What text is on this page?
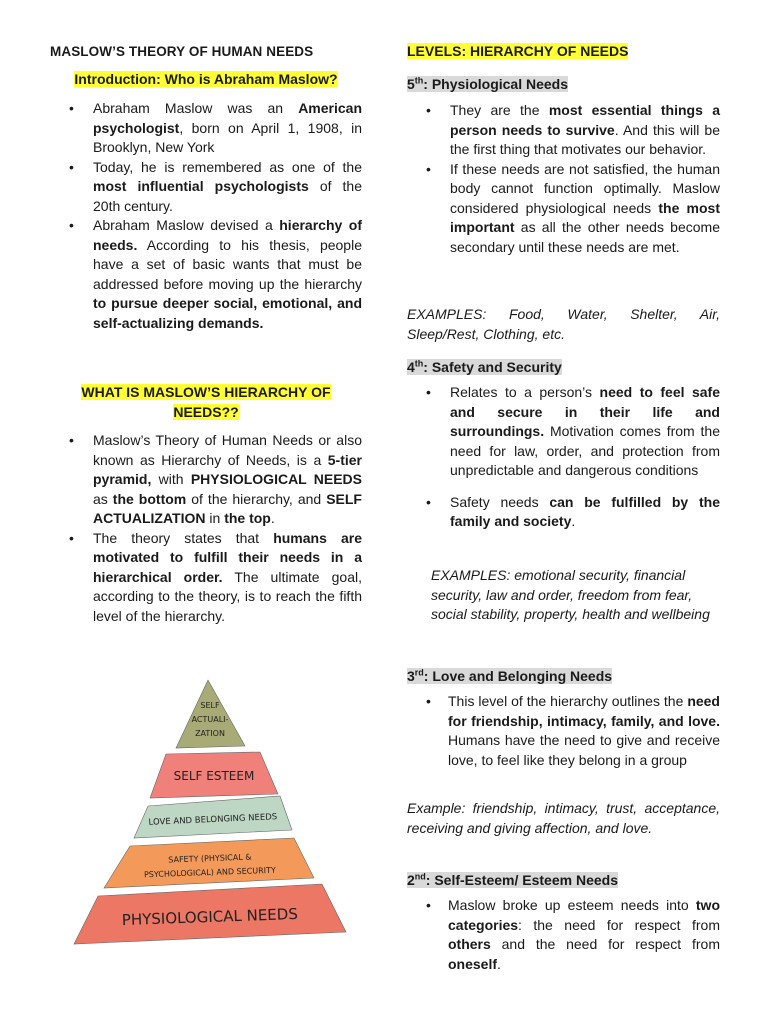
MASLOW’S THEORY OF HUMAN NEEDS
Introduction: Who is Abraham Maslow?
• Abraham Maslow was an American psychologist, born on April 1, 1908, in Brooklyn, New York
• Today, he is remembered as one of the most influential psychologists of the 20th century.
• Abraham Maslow devised a hierarchy of needs. According to his thesis, people have a set of basic wants that must be addressed before moving up the hierarchy to pursue deeper social, emotional, and self-actualizing demands.
WHAT IS MASLOW’S HIERARCHY OF NEEDS??
• Maslow’s Theory of Human Needs or also known as Hierarchy of Needs, is a 5-tier pyramid, with PHYSIOLOGICAL NEEDS as the bottom of the hierarchy, and SELF ACTUALIZATION in the top.
• The theory states that humans are motivated to fulfill their needs in a hierarchical order. The ultimate goal, according to the theory, is to reach the fifth level of the hierarchy.
SELF
ACTUALI-
ZATION
SELF ESTEEM
LOVE AND BELONGING NEEDS
SAFETY (PHYSICAL &
PSYCHOLOGICAL) AND SECURITY
PHYSIOLOGICAL NEEDS
LEVELS: HIERARCHY OF NEEDS
5th: Physiological Needs
• They are the most essential things a person needs to survive. And this will be the first thing that motivates our behavior.
• If these needs are not satisfied, the human body cannot function optimally. Maslow considered physiological needs the most important as all the other needs become secondary until these needs are met.
EXAMPLES: Food, Water, Shelter, Air, Sleep/Rest, Clothing, etc.
4th: Safety and Security
• Relates to a person’s need to feel safe and secure in their life and surroundings. Motivation comes from the need for law, order, and protection from unpredictable and dangerous conditions
• Safety needs can be fulfilled by the family and society.
EXAMPLES: emotional security, financial security, law and order, freedom from fear, social stability, property, health and wellbeing
3rd: Love and Belonging Needs
• This level of the hierarchy outlines the need for friendship, intimacy, family, and love. Humans have the need to give and receive love, to feel like they belong in a group
Example: friendship, intimacy, trust, acceptance, receiving and giving affection, and love.
2nd: Self-Esteem/ Esteem Needs
• Maslow broke up esteem needs into two categories: the need for respect from others and the need for respect from oneself.
